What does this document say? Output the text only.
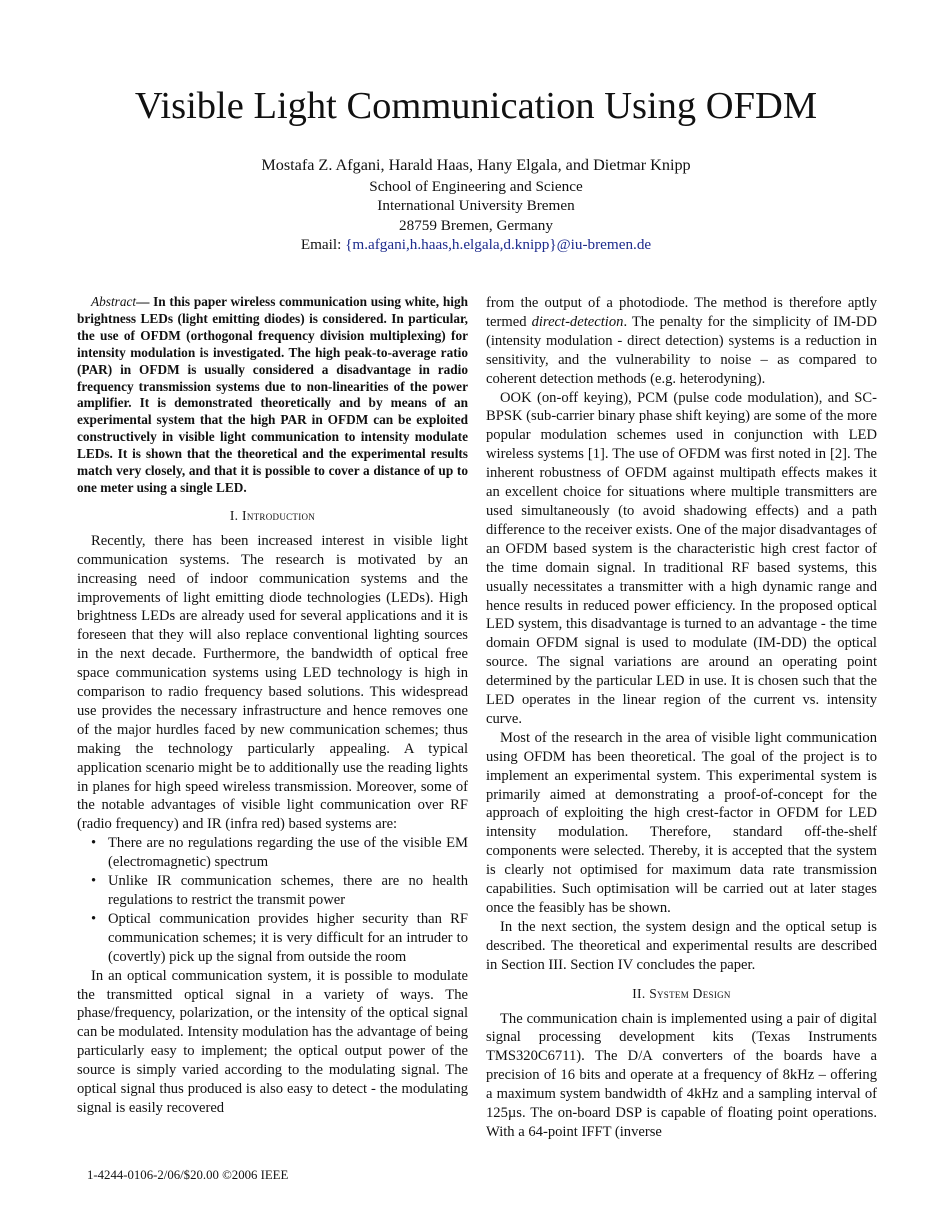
Visible Light Communication Using OFDM
Mostafa Z. Afgani, Harald Haas, Hany Elgala, and Dietmar Knipp
School of Engineering and Science
International University Bremen
28759 Bremen, Germany
Email: {m.afgani,h.haas,h.elgala,d.knipp}@iu-bremen.de

Abstract— In this paper wireless communication using white, high brightness LEDs (light emitting diodes) is considered. In particular, the use of OFDM (orthogonal frequency division multiplexing) for intensity modulation is investigated. The high peak-to-average ratio (PAR) in OFDM is usually considered a disadvantage in radio frequency transmission systems due to non-linearities of the power amplifier. It is demonstrated theoretically and by means of an experimental system that the high PAR in OFDM can be exploited constructively in visible light communication to intensity modulate LEDs. It is shown that the theoretical and the experimental results match very closely, and that it is possible to cover a distance of up to one meter using a single LED.

I. Introduction

Recently, there has been increased interest in visible light communication systems. The research is motivated by an increasing need of indoor communication systems and the improvements of light emitting diode technologies (LEDs). High brightness LEDs are already used for several applications and it is foreseen that they will also replace conventional lighting sources in the next decade. Furthermore, the bandwidth of optical free space communication systems using LED technology is high in comparison to radio frequency based solutions. This widespread use provides the necessary infrastructure and hence removes one of the major hurdles faced by new communication schemes; thus making the technology particularly appealing. A typical application scenario might be to additionally use the reading lights in planes for high speed wireless transmission. Moreover, some of the notable advantages of visible light communication over RF (radio frequency) and IR (infra red) based systems are:

• There are no regulations regarding the use of the visible EM (electromagnetic) spectrum
• Unlike IR communication schemes, there are no health regulations to restrict the transmit power
• Optical communication provides higher security than RF communication schemes; it is very difficult for an intruder to (covertly) pick up the signal from outside the room

In an optical communication system, it is possible to modulate the transmitted optical signal in a variety of ways. The phase/frequency, polarization, or the intensity of the optical signal can be modulated. Intensity modulation has the advantage of being particularly easy to implement; the optical output power of the source is simply varied according to the modulating signal. The optical signal thus produced is also easy to detect - the modulating signal is easily recovered

from the output of a photodiode. The method is therefore aptly termed direct-detection. The penalty for the simplicity of IM-DD (intensity modulation - direct detection) systems is a reduction in sensitivity, and the vulnerability to noise – as compared to coherent detection methods (e.g. heterodyning).

OOK (on-off keying), PCM (pulse code modulation), and SC-BPSK (sub-carrier binary phase shift keying) are some of the more popular modulation schemes used in conjunction with LED wireless systems [1]. The use of OFDM was first noted in [2]. The inherent robustness of OFDM against multipath effects makes it an excellent choice for situations where multiple transmitters are used simultaneously (to avoid shadowing effects) and a path difference to the receiver exists. One of the major disadvantages of an OFDM based system is the characteristic high crest factor of the time domain signal. In traditional RF based systems, this usually necessitates a transmitter with a high dynamic range and hence results in reduced power efficiency. In the proposed optical LED system, this disadvantage is turned to an advantage - the time domain OFDM signal is used to modulate (IM-DD) the optical source. The signal variations are around an operating point determined by the particular LED in use. It is chosen such that the LED operates in the linear region of the current vs. intensity curve.

Most of the research in the area of visible light communication using OFDM has been theoretical. The goal of the project is to implement an experimental system. This experimental system is primarily aimed at demonstrating a proof-of-concept for the approach of exploiting the high crest-factor in OFDM for LED intensity modulation. Therefore, standard off-the-shelf components were selected. Thereby, it is accepted that the system is clearly not optimised for maximum data rate transmission capabilities. Such optimisation will be carried out at later stages once the feasibly has be shown.

In the next section, the system design and the optical setup is described. The theoretical and experimental results are described in Section III. Section IV concludes the paper.

II. System Design

The communication chain is implemented using a pair of digital signal processing development kits (Texas Instruments TMS320C6711). The D/A converters of the boards have a precision of 16 bits and operate at a frequency of 8kHz – offering a maximum system bandwidth of 4kHz and a sampling interval of 125µs. The on-board DSP is capable of floating point operations. With a 64-point IFFT (inverse

1-4244-0106-2/06/$20.00 ©2006 IEEE
